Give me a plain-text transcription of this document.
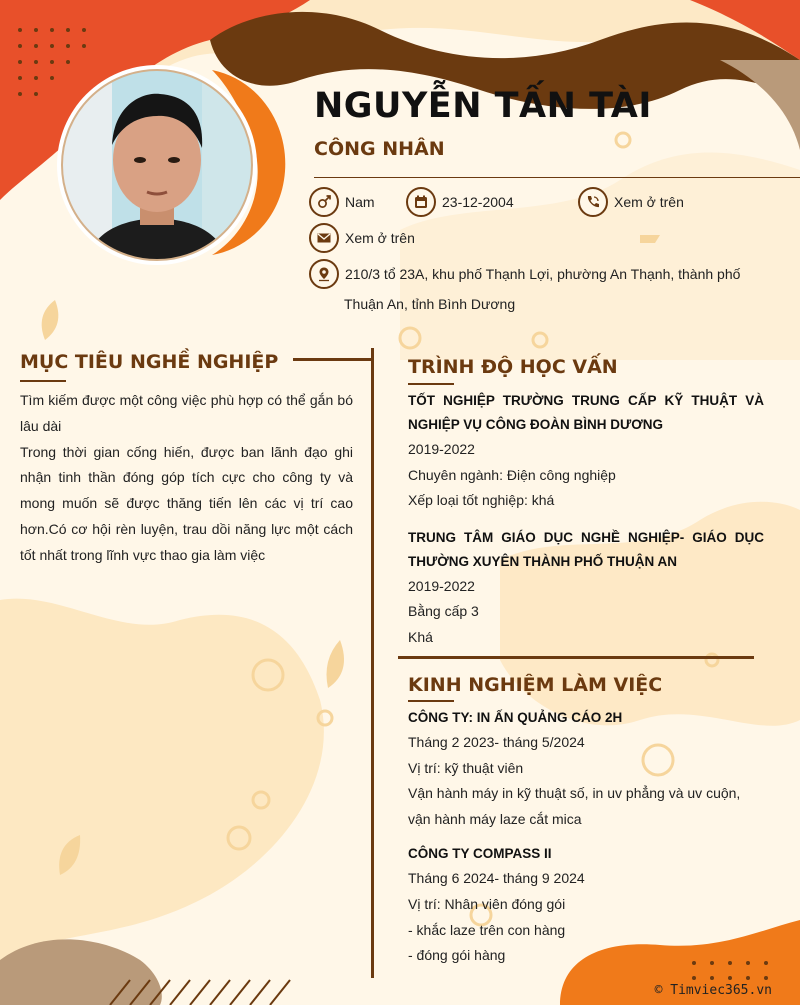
NGUYỄN TẤN TÀI
CÔNG NHÂN
Nam	23-12-2004	Xem ở trên
Xem ở trên
210/3 tổ 23A, khu phố Thạnh Lợi, phường An Thạnh, thành phố
Thuận An, tỉnh Bình Dương
MỤC TIÊU NGHỀ NGHIỆP
Tìm kiếm được một công việc phù hợp có thể gắn bó lâu dài
Trong thời gian cống hiến, được ban lãnh đạo ghi nhận tinh thần đóng góp tích cực cho công ty và mong muốn sẽ được thăng tiến lên các vị trí cao hơn.Có cơ hội rèn luyện, trau dồi năng lực một cách tốt nhất trong lĩnh vực thao gia làm việc
TRÌNH ĐỘ HỌC VẤN
TỐT NGHIỆP TRƯỜNG TRUNG CẤP KỸ THUẬT VÀ NGHIỆP VỤ CÔNG ĐOÀN BÌNH DƯƠNG
2019-2022
Chuyên ngành: Điện công nghiệp
Xếp loại tốt nghiệp: khá
TRUNG TÂM GIÁO DỤC NGHỀ NGHIỆP- GIÁO DỤC THƯỜNG XUYÊN THÀNH PHỐ THUẬN AN
2019-2022
Bằng cấp 3
Khá
KINH NGHIỆM LÀM VIỆC
CÔNG TY: IN ẤN QUẢNG CÁO 2H
Tháng 2 2023- tháng 5/2024
Vị trí: kỹ thuật viên
Vận hành máy in kỹ thuật số, in uv phẳng và uv cuộn, vận hành máy laze cắt mica
CÔNG TY COMPASS II
Tháng 6 2024- tháng 9 2024
Vị trí: Nhân viên đóng gói
- khắc laze trên con hàng
- đóng gói hàng
© Timviec365.vn
